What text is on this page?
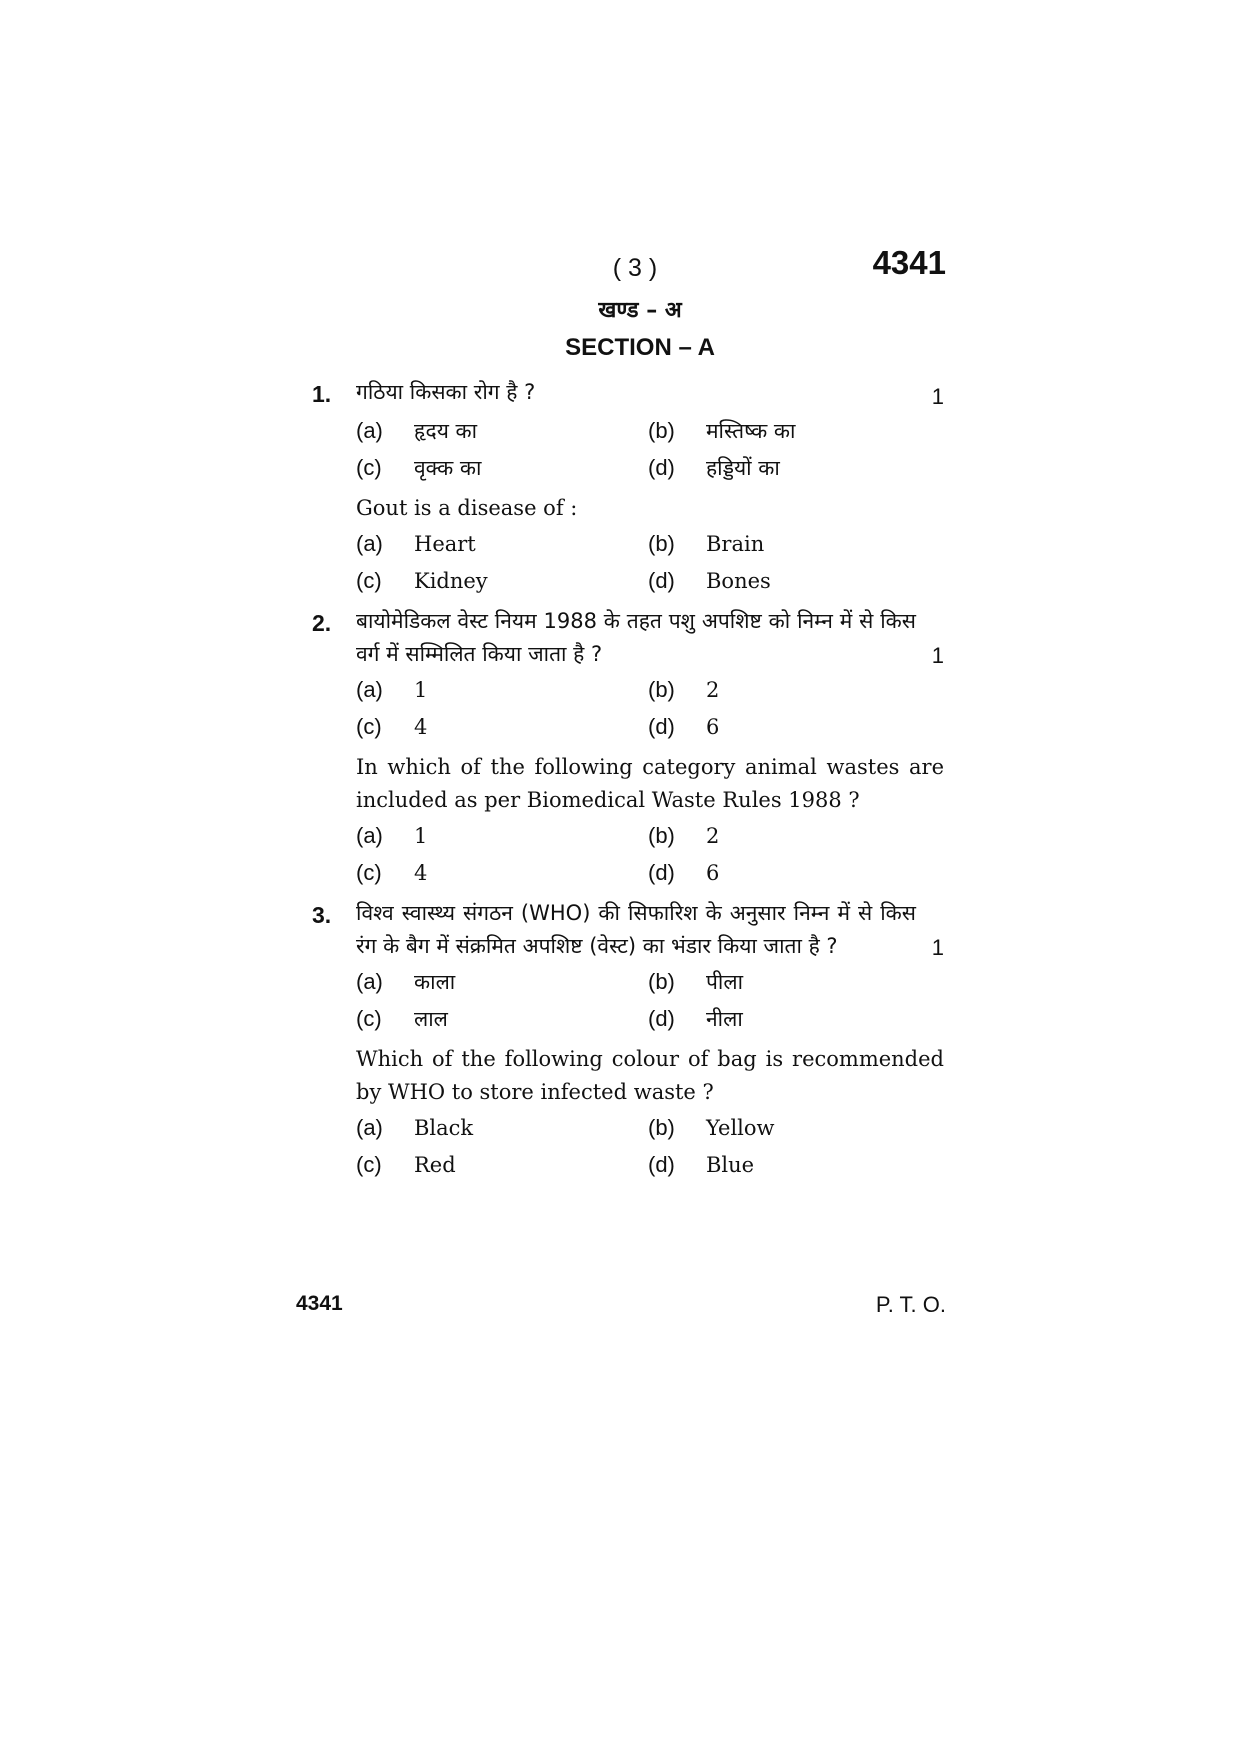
( 3 )	4341
खण्ड – अ
SECTION – A
1.	गठिया किसका रोग है ?	1
(a)	हृदय का	(b)	मस्तिष्क का
(c)	वृक्क का	(d)	हड्डियों का
Gout is a disease of :
(a)	Heart	(b)	Brain
(c)	Kidney	(d)	Bones
2.	बायोमेडिकल वेस्ट नियम 1988 के तहत पशु अपशिष्ट को निम्न में से किस वर्ग में सम्मिलित किया जाता है ?	1
(a)	1	(b)	2
(c)	4	(d)	6
In which of the following category animal wastes are included as per Biomedical Waste Rules 1988 ?
(a)	1	(b)	2
(c)	4	(d)	6
3.	विश्व स्वास्थ्य संगठन (WHO) की सिफारिश के अनुसार निम्न में से किस रंग के बैग में संक्रमित अपशिष्ट (वेस्ट) का भंडार किया जाता है ?	1
(a)	काला	(b)	पीला
(c)	लाल	(d)	नीला
Which of the following colour of bag is recommended by WHO to store infected waste ?
(a)	Black	(b)	Yellow
(c)	Red	(d)	Blue
4341	P. T. O.
